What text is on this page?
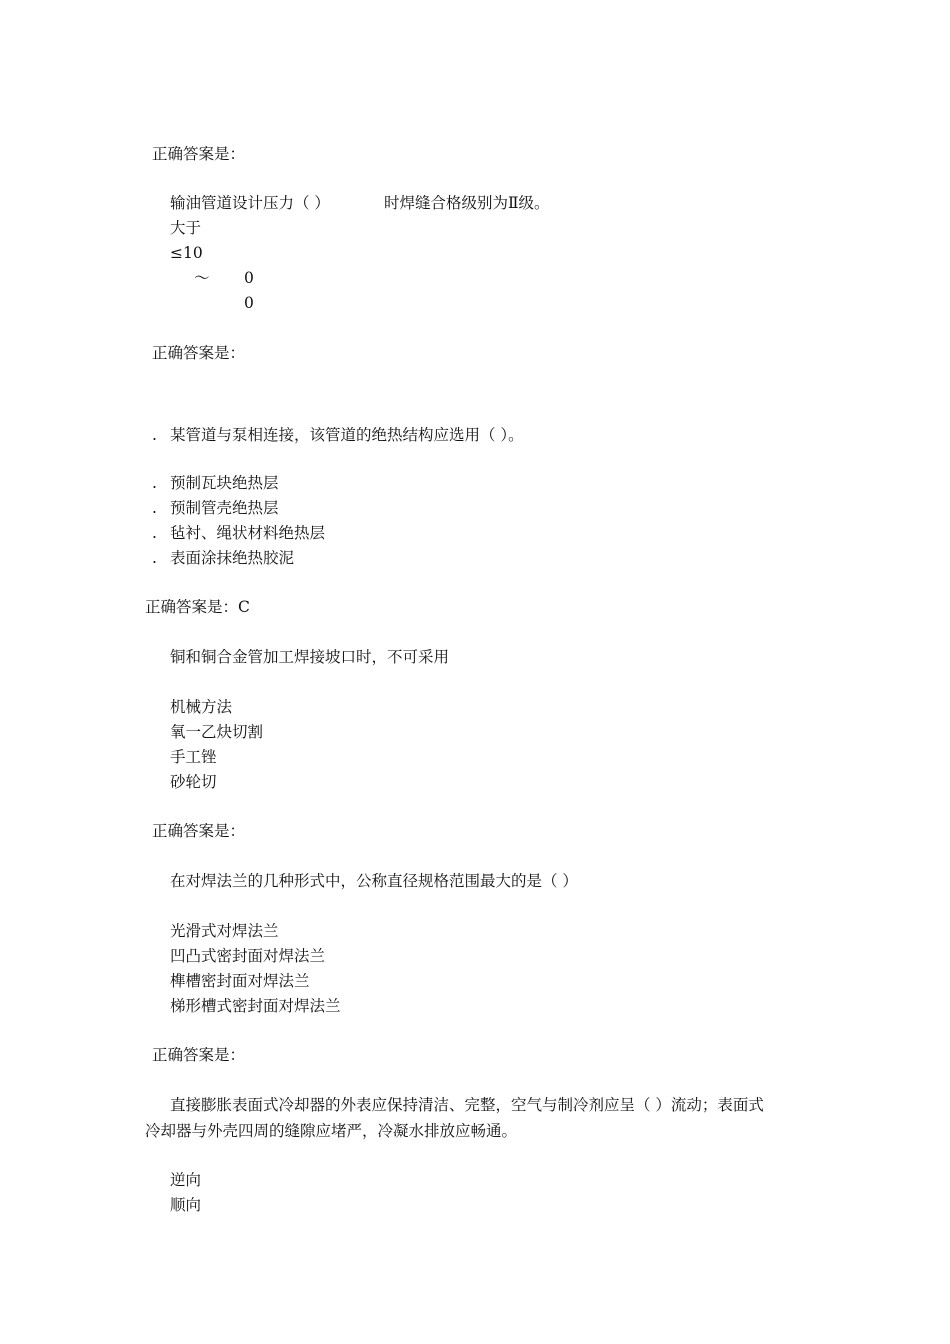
正确答案是：
输油管道设计压力（ ）	时焊缝合格级别为Ⅱ级。
大于
≤10
～ 0
0
正确答案是：
. 某管道与泵相连接，该管道的绝热结构应选用（ ）。
. 预制瓦块绝热层
. 预制管壳绝热层
. 毡衬、绳状材料绝热层
. 表面涂抹绝热胶泥
正确答案是：C
铜和铜合金管加工焊接坡口时，不可采用
机械方法
氧一乙炔切割
手工锉
砂轮切
正确答案是：
在对焊法兰的几种形式中，公称直径规格范围最大的是（ ）
光滑式对焊法兰
凹凸式密封面对焊法兰
榫槽密封面对焊法兰
梯形槽式密封面对焊法兰
正确答案是：
直接膨胀表面式冷却器的外表应保持清洁、完整，空气与制冷剂应呈（ ）流动；表面式
冷却器与外壳四周的缝隙应堵严，冷凝水排放应畅通。
逆向
顺向
